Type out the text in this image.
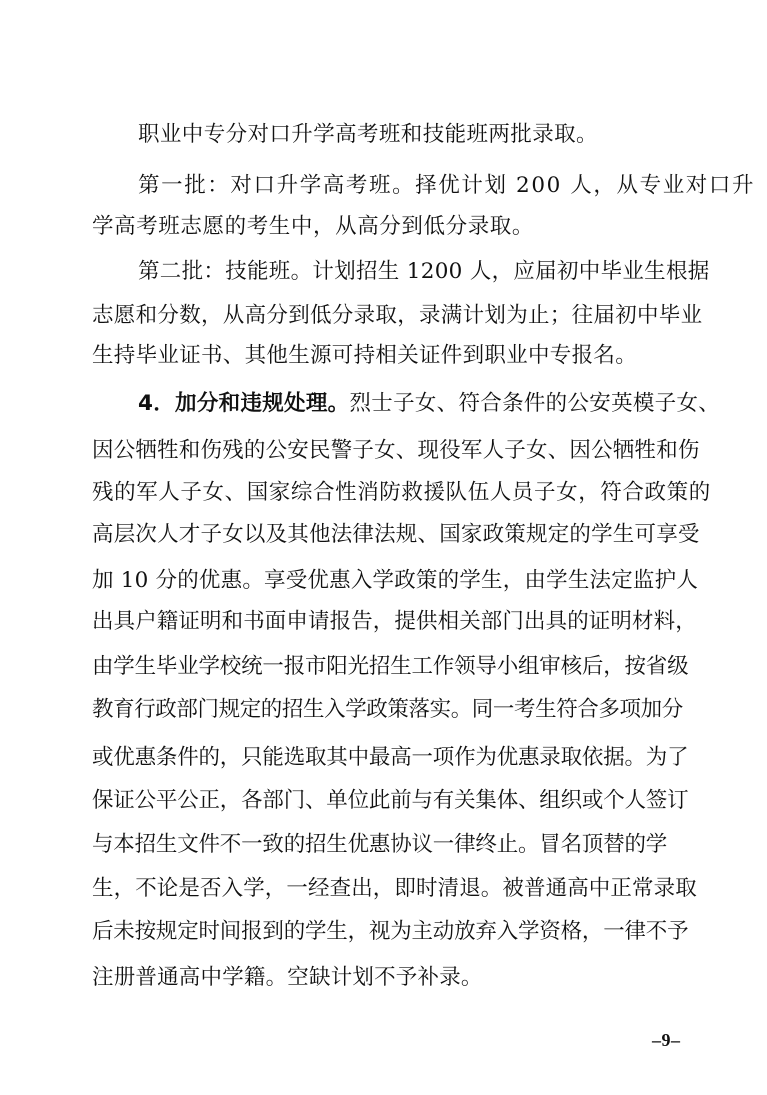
职业中专分对口升学高考班和技能班两批录取。
第一批：对口升学高考班。择优计划 200 人，从专业对口升
学高考班志愿的考生中，从高分到低分录取。
第二批：技能班。计划招生 1200 人，应届初中毕业生根据
志愿和分数，从高分到低分录取，录满计划为止；往届初中毕业
生持毕业证书、其他生源可持相关证件到职业中专报名。
4．加分和违规处理。烈士子女、符合条件的公安英模子女、
因公牺牲和伤残的公安民警子女、现役军人子女、因公牺牲和伤
残的军人子女、国家综合性消防救援队伍人员子女，符合政策的
高层次人才子女以及其他法律法规、国家政策规定的学生可享受
加 10 分的优惠。享受优惠入学政策的学生，由学生法定监护人
出具户籍证明和书面申请报告，提供相关部门出具的证明材料，
由学生毕业学校统一报市阳光招生工作领导小组审核后，按省级
教育行政部门规定的招生入学政策落实。同一考生符合多项加分
或优惠条件的，只能选取其中最高一项作为优惠录取依据。为了
保证公平公正，各部门、单位此前与有关集体、组织或个人签订
与本招生文件不一致的招生优惠协议一律终止。冒名顶替的学
生，不论是否入学，一经查出，即时清退。被普通高中正常录取
后未按规定时间报到的学生，视为主动放弃入学资格，一律不予
注册普通高中学籍。空缺计划不予补录。
–9–
